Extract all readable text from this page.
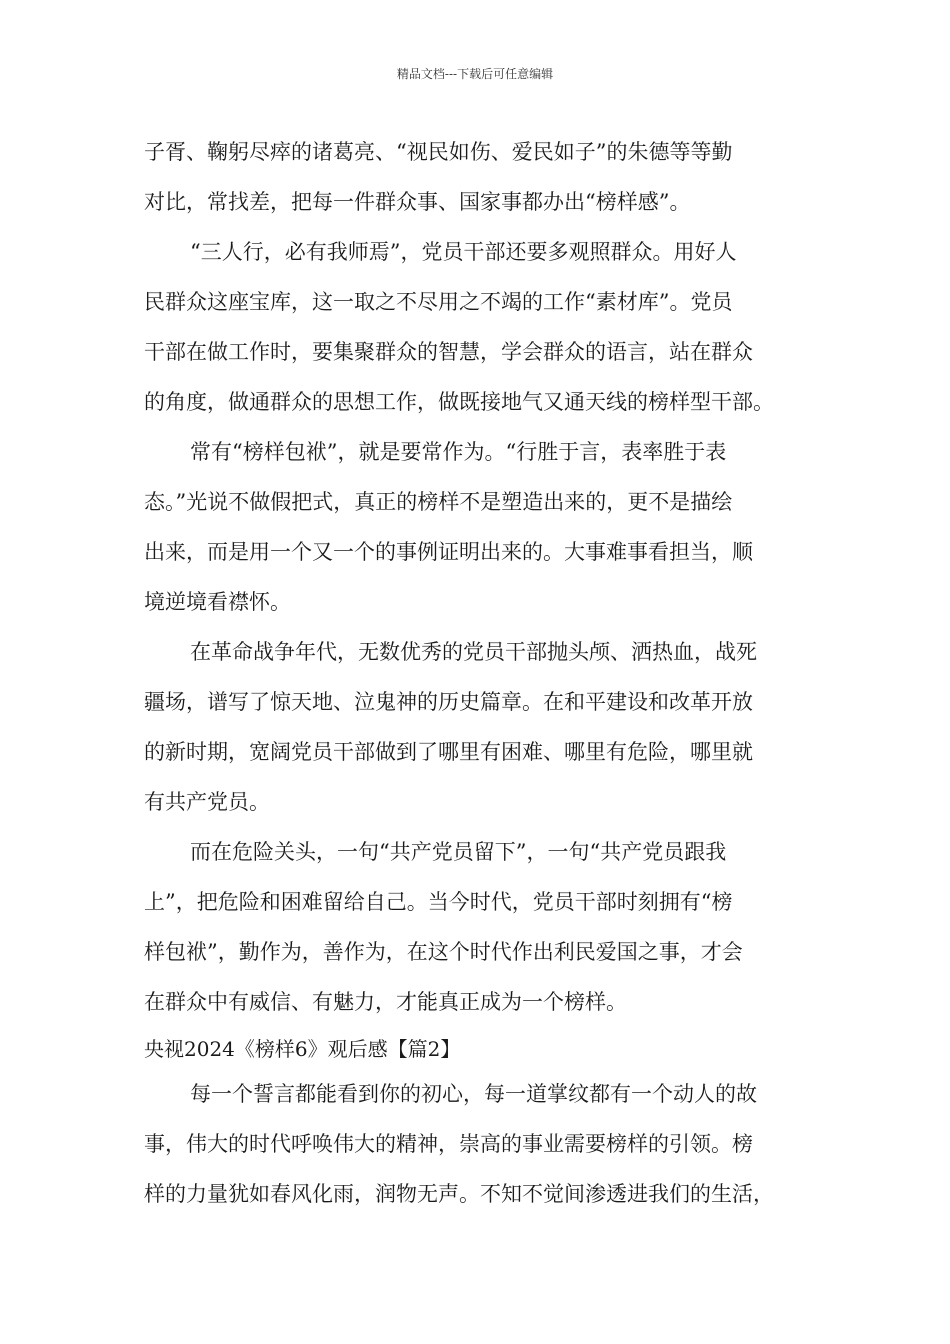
精品文档---下载后可任意编辑
子胥、鞠躬尽瘁的诸葛亮、“视民如伤、爱民如子”的朱德等等勤
对比，常找差，把每一件群众事、国家事都办出“榜样感”。
“三人行，必有我师焉”，党员干部还要多观照群众。用好人
民群众这座宝库，这一取之不尽用之不竭的工作“素材库”。党员
干部在做工作时，要集聚群众的智慧，学会群众的语言，站在群众
的角度，做通群众的思想工作，做既接地气又通天线的榜样型干部。
常有“榜样包袱”，就是要常作为。“行胜于言，表率胜于表
态。”光说不做假把式，真正的榜样不是塑造出来的，更不是描绘
出来，而是用一个又一个的事例证明出来的。大事难事看担当，顺
境逆境看襟怀。
在革命战争年代，无数优秀的党员干部抛头颅、洒热血，战死
疆场，谱写了惊天地、泣鬼神的历史篇章。在和平建设和改革开放
的新时期，宽阔党员干部做到了哪里有困难、哪里有危险，哪里就
有共产党员。
而在危险关头，一句“共产党员留下”，一句“共产党员跟我
上”，把危险和困难留给自己。当今时代，党员干部时刻拥有“榜
样包袱”，勤作为，善作为，在这个时代作出利民爱国之事，才会
在群众中有威信、有魅力，才能真正成为一个榜样。
央视2024《榜样6》观后感【篇2】
每一个誓言都能看到你的初心，每一道掌纹都有一个动人的故
事，伟大的时代呼唤伟大的精神，崇高的事业需要榜样的引领。榜
样的力量犹如春风化雨，润物无声。不知不觉间渗透进我们的生活，
